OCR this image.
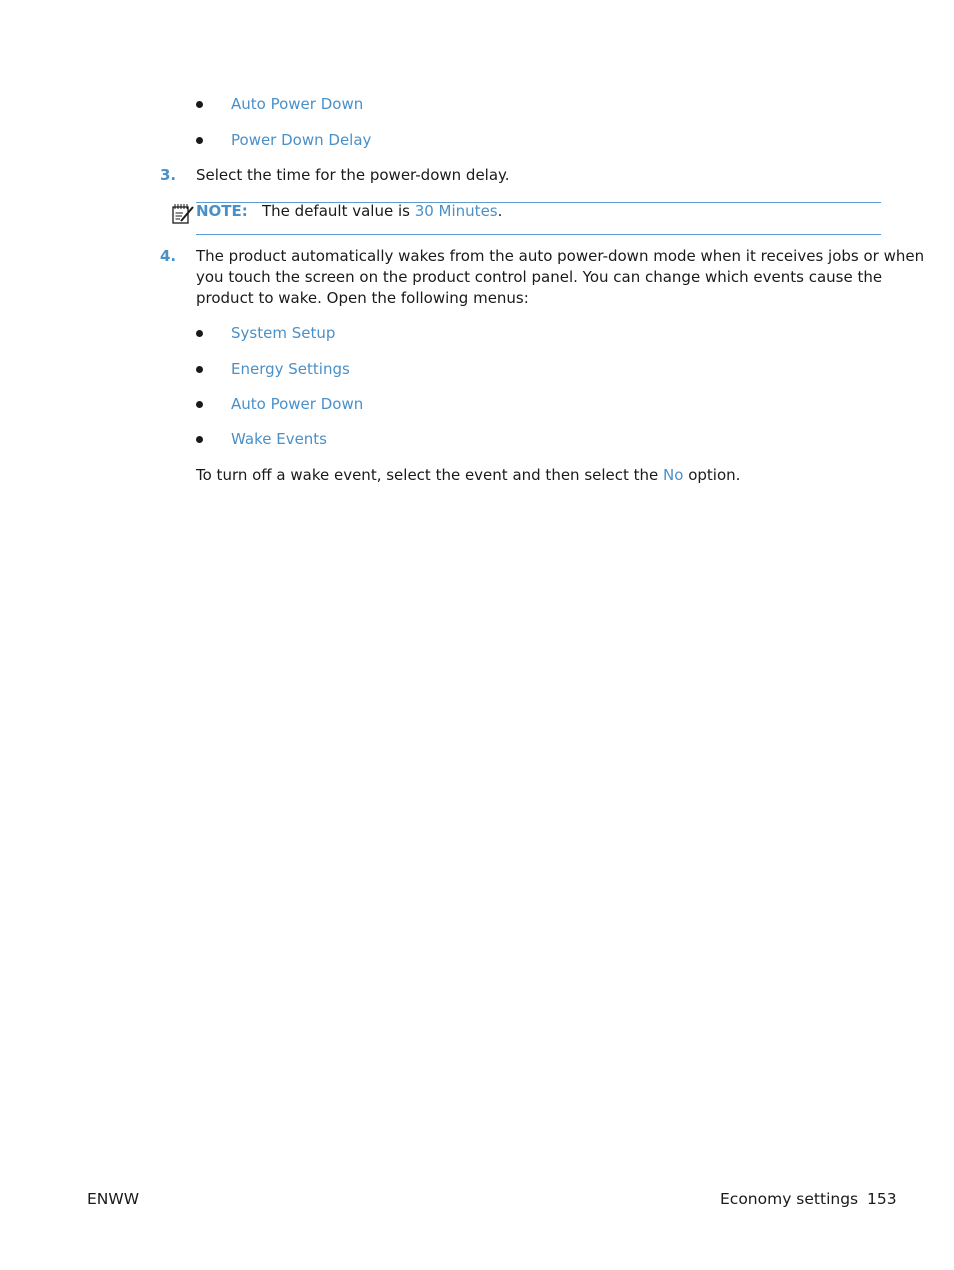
Auto Power Down
Power Down Delay
3. Select the time for the power-down delay.
NOTE: The default value is 30 Minutes.
4. The product automatically wakes from the auto power-down mode when it receives jobs or when
you touch the screen on the product control panel. You can change which events cause the
product to wake. Open the following menus:
System Setup
Energy Settings
Auto Power Down
Wake Events
To turn off a wake event, select the event and then select the No option.
ENWW	Economy settings 153
